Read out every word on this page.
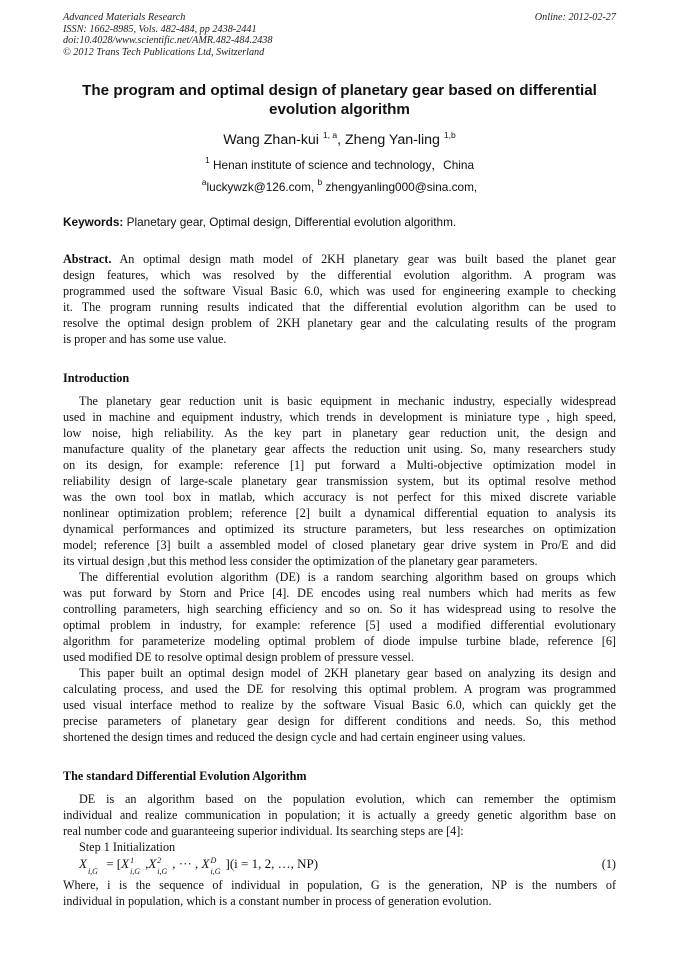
Advanced Materials Research
ISSN: 1662-8985, Vols. 482-484, pp 2438-2441
doi:10.4028/www.scientific.net/AMR.482-484.2438
© 2012 Trans Tech Publications Ltd, Switzerland
Online: 2012-02-27
The program and optimal design of planetary gear based on differential
evolution algorithm
Wang Zhan-kui $^{1, a}$, Zheng Yan-ling $^{1,b}$
$^1$ Henan institute of science and technology，China
$^a$luckywzk@126.com, $^b$ zhengyanling000@sina.com,
Keywords: Planetary gear, Optimal design, Differential evolution algorithm.
Abstract. An optimal design math model of 2KH planetary gear was built based the planet gear
design features, which was resolved by the differential evolution algorithm. A program was
programmed used the software Visual Basic 6.0, which was used for engineering example to checking
it. The program running results indicated that the differential evolution algorithm can be used to
resolve the optimal design problem of 2KH planetary gear and the calculating results of the program
is proper and has some use value.
Introduction
The planetary gear reduction unit is basic equipment in mechanic industry, especially widespread
used in machine and equipment industry, which trends in development is miniature type , high speed,
low noise, high reliability. As the key part in planetary gear reduction unit, the design and
manufacture quality of the planetary gear affects the reduction unit using. So, many researchers study
on its design, for example: reference [1] put forward a Multi-objective optimization model in
reliability design of large-scale planetary gear transmission system, but its optimal resolve method
was the own tool box in matlab, which accuracy is not perfect for this mixed discrete variable
nonlinear optimization problem; reference [2] built a dynamical differential equation to analysis its
dynamical performances and optimized its structure parameters, but less researches on optimization
model; reference [3] built a assembled model of closed planetary gear drive system in Pro/E and did
its virtual design ,but this method less consider the optimization of the planetary gear parameters.
The differential evolution algorithm (DE) is a random searching algorithm based on groups which
was put forward by Storn and Price [4]. DE encodes using real numbers which had merits as few
controlling parameters, high searching efficiency and so on. So it has widespread using to resolve the
optimal problem in industry, for example: reference [5] used a modified differential evolutionary
algorithm for parameterize modeling optimal problem of diode impulse turbine blade, reference [6]
used modified DE to resolve optimal design problem of pressure vessel.
This paper built an optimal design model of 2KH planetary gear based on analyzing its design and
calculating process, and used the DE for resolving this optimal problem. A program was programmed
used visual interface method to realize by the software Visual Basic 6.0, which can quickly get the
precise parameters of planetary gear design for different conditions and needs. So, this method
shortened the design times and reduced the design cycle and had certain engineer using values.
The standard Differential Evolution Algorithm
DE is an algorithm based on the population evolution, which can remember the optimism
individual and realize communication in population; it is actually a greedy genetic algorithm base on
real number code and guaranteeing superior individual. Its searching steps are [4]:
Step 1 Initialization
X
i,G
= [X 1
i,G
,X 2
i,G
, ··· , X D
i,G
](i = 1, 2, …, NP)	(1)
Where, i is the sequence of individual in population, G is the generation, NP is the numbers of
individual in population, which is a constant number in process of generation evolution.
